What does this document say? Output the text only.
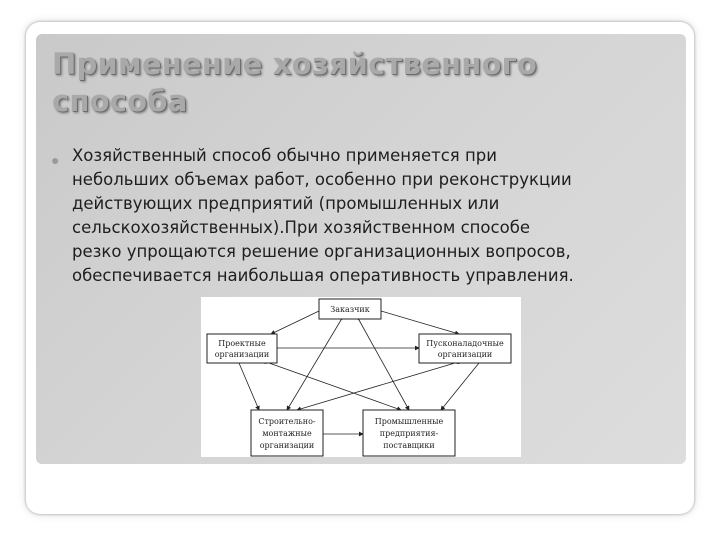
Применение хозяйственного
способа
● Хозяйственный способ обычно применяется при
небольших объемах работ, особенно при реконструкции
действующих предприятий (промышленных или
сельскохозяйственных).При хозяйственном способе
резко упрощаются решение организационных вопросов,
обеспечивается наибольшая оперативность управления.

Заказчик
Проектные
организации
Пусконаладочные
организации
Строительно-
монтажные
организации
Промышленные
предприятия-
поставщики
